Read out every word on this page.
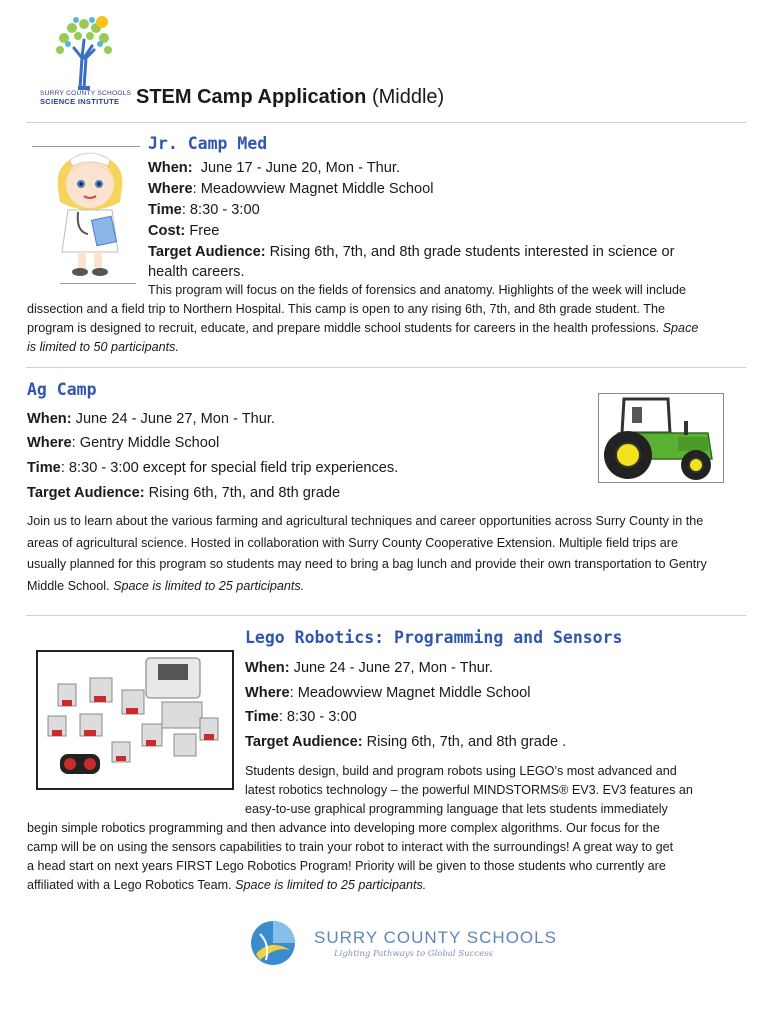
SURRY COUNTY SCHOOLS
SCIENCE INSTITUTE STEM Camp Application (Middle)
Jr. Camp Med
When: June 17 - June 20, Mon - Thur.
Where: Meadowview Magnet Middle School
Time: 8:30 - 3:00
Cost: Free
Target Audience: Rising 6th, 7th, and 8th grade students interested in science or
health careers.
This program will focus on the fields of forensics and anatomy. Highlights of the week will include
dissection and a field trip to Northern Hospital. This camp is open to any rising 6th, 7th, and 8th grade student. The
program is designed to recruit, educate, and prepare middle school students for careers in the health professions. Space
is limited to 50 participants.
Ag Camp
When: June 24 - June 27, Mon - Thur.
Where: Gentry Middle School
Time: 8:30 - 3:00 except for special field trip experiences.
Target Audience: Rising 6th, 7th, and 8th grade
Join us to learn about the various farming and agricultural techniques and career opportunities across Surry County in the
areas of agricultural science. Hosted in collaboration with Surry County Cooperative Extension. Multiple field trips are
usually planned for this program so students may need to bring a bag lunch and provide their own transportation to Gentry
Middle School. Space is limited to 25 participants.
Lego Robotics: Programming and Sensors
When: June 24 - June 27, Mon - Thur.
Where: Meadowview Magnet Middle School
Time: 8:30 - 3:00
Target Audience: Rising 6th, 7th, and 8th grade .
Students design, build and program robots using LEGO’s most advanced and
latest robotics technology – the powerful MINDSTORMS® EV3. EV3 features an
easy-to-use graphical programming language that lets students immediately
begin simple robotics programming and then advance into developing more complex algorithms. Our focus for the
camp will be on using the sensors capabilities to train your robot to interact with the surroundings! A great way to get
a head start on next years FIRST Lego Robotics Program! Priority will be given to those students who currently are
affiliated with a Lego Robotics Team. Space is limited to 25 participants.
SURRY COUNTY SCHOOLS
Lighting Pathways to Global Success
